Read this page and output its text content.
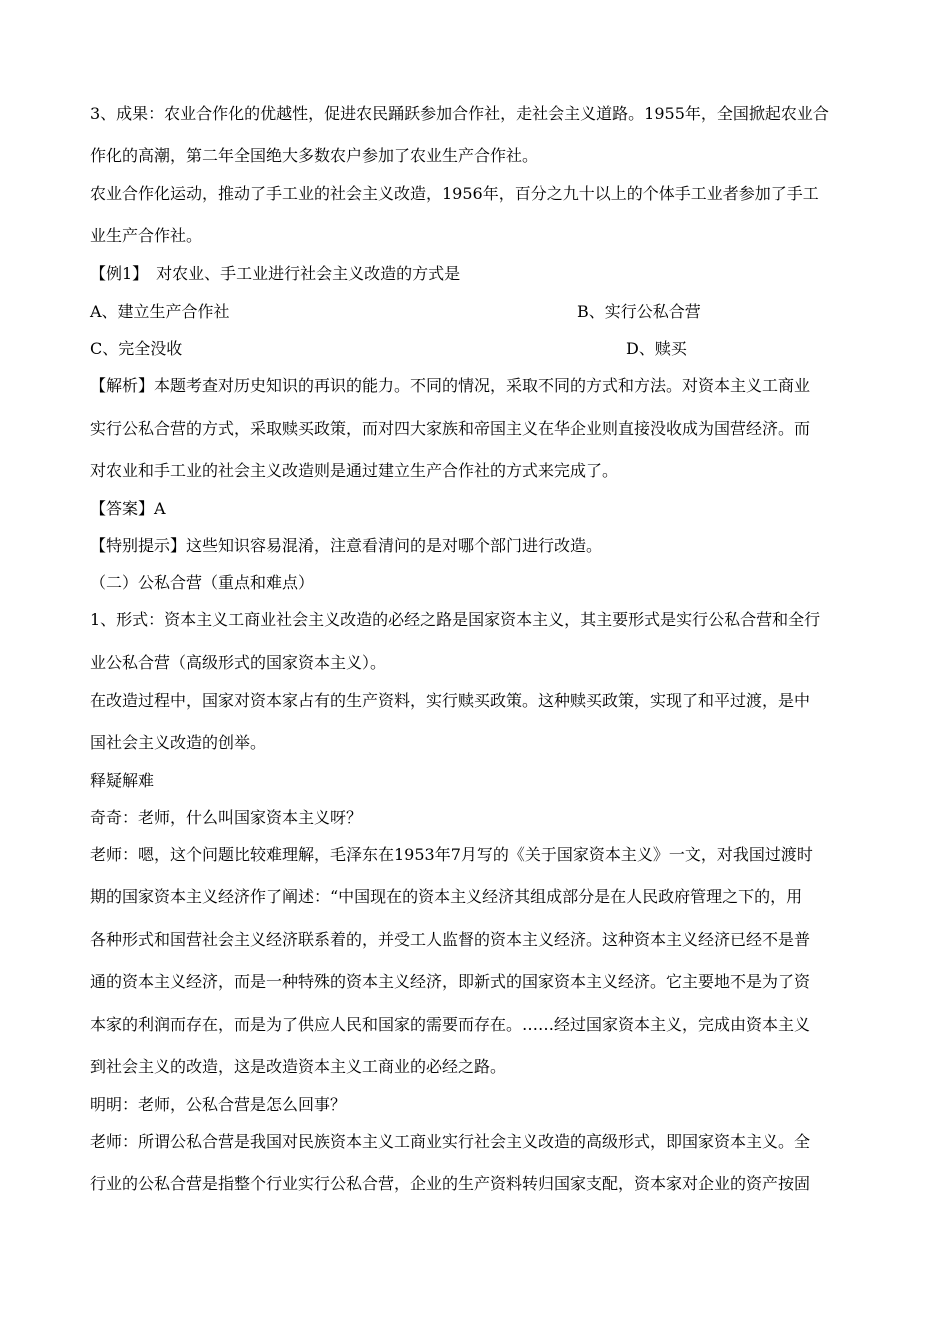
3、成果：农业合作化的优越性，促进农民踊跃参加合作社，走社会主义道路。1955年，全国掀起农业合
作化的高潮，第二年全国绝大多数农户参加了农业生产合作社。
农业合作化运动，推动了手工业的社会主义改造，1956年，百分之九十以上的个体手工业者参加了手工
业生产合作社。
【例1】　对农业、手工业进行社会主义改造的方式是
A、建立生产合作社	B、实行公私合营
C、完全没收	D、赎买
【解析】本题考查对历史知识的再识的能力。不同的情况，采取不同的方式和方法。对资本主义工商业
实行公私合营的方式，采取赎买政策，而对四大家族和帝国主义在华企业则直接没收成为国营经济。而
对农业和手工业的社会主义改造则是通过建立生产合作社的方式来完成了。
【答案】A
【特别提示】这些知识容易混淆，注意看清问的是对哪个部门进行改造。
（二）公私合营（重点和难点）
1、形式：资本主义工商业社会主义改造的必经之路是国家资本主义，其主要形式是实行公私合营和全行
业公私合营（高级形式的国家资本主义）。
在改造过程中，国家对资本家占有的生产资料，实行赎买政策。这种赎买政策，实现了和平过渡，是中
国社会主义改造的创举。
释疑解难
奇奇：老师，什么叫国家资本主义呀？
老师：嗯，这个问题比较难理解，毛泽东在1953年7月写的《关于国家资本主义》一文，对我国过渡时
期的国家资本主义经济作了阐述：“中国现在的资本主义经济其组成部分是在人民政府管理之下的，用
各种形式和国营社会主义经济联系着的，并受工人监督的资本主义经济。这种资本主义经济已经不是普
通的资本主义经济，而是一种特殊的资本主义经济，即新式的国家资本主义经济。它主要地不是为了资
本家的利润而存在，而是为了供应人民和国家的需要而存在。……经过国家资本主义，完成由资本主义
到社会主义的改造，这是改造资本主义工商业的必经之路。
明明：老师，公私合营是怎么回事？
老师：所谓公私合营是我国对民族资本主义工商业实行社会主义改造的高级形式，即国家资本主义。全
行业的公私合营是指整个行业实行公私合营，企业的生产资料转归国家支配，资本家对企业的资产按固
